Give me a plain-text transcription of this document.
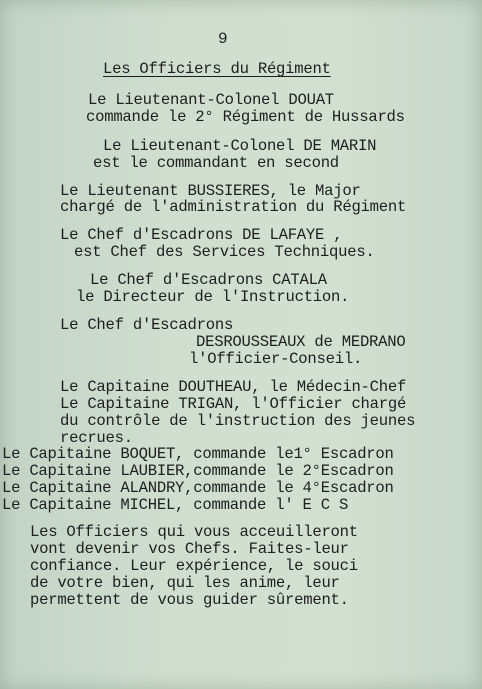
9
Les Officiers du Régiment
Le Lieutenant-Colonel DOUAT
commande le 2° Régiment de Hussards
Le Lieutenant-Colonel DE MARIN
est le commandant en second
Le Lieutenant BUSSIERES, le Major
chargé de l'administration du Régiment
Le Chef d'Escadrons DE LAFAYE ,
est Chef des Services Techniques.
Le Chef d'Escadrons CATALA
le Directeur de l'Instruction.
Le Chef d'Escadrons
DESROUSSEAUX de MEDRANO
l'Officier-Conseil.
Le Capitaine DOUTHEAU, le Médecin-Chef
Le Capitaine TRIGAN, l'Officier chargé
du contrôle de l'instruction des jeunes
recrues.
Le Capitaine BOQUET, commande le1° Escadron
Le Capitaine LAUBIER,commande le 2°Escadron
Le Capitaine ALANDRY,commande le 4°Escadron
Le Capitaine MICHEL, commande l' E C S
Les Officiers qui vous acceuilleront
vont devenir vos Chefs. Faites-leur
confiance. Leur expérience, le souci
de votre bien, qui les anime, leur
permettent de vous guider sûrement.
